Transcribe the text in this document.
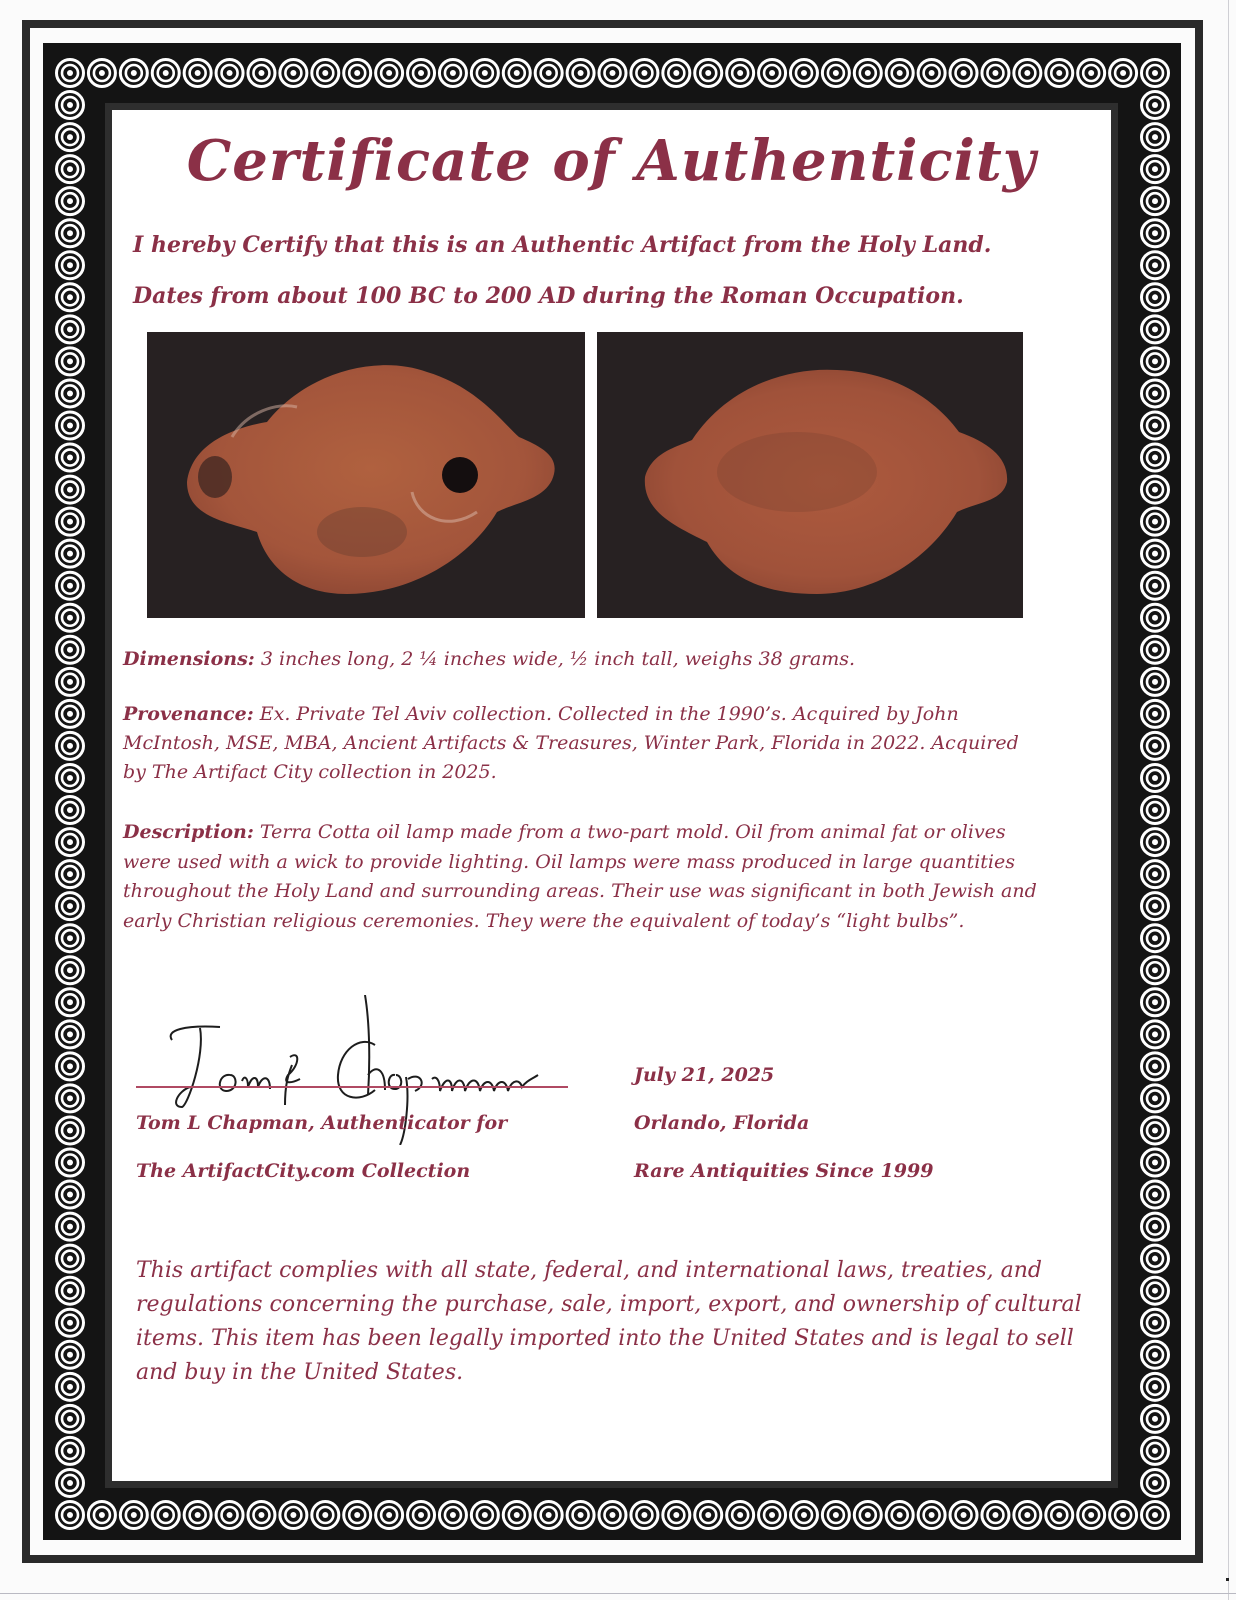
Certificate of Authenticity
I hereby Certify that this is an Authentic Artifact from the Holy Land.
Dates from about 100 BC to 200 AD during the Roman Occupation.
Dimensions: 3 inches long, 2 ¼ inches wide, ½ inch tall, weighs 38 grams.
Provenance: Ex. Private Tel Aviv collection. Collected in the 1990’s. Acquired by John McIntosh, MSE, MBA, Ancient Artifacts & Treasures, Winter Park, Florida in 2022. Acquired by The Artifact City collection in 2025.
Description: Terra Cotta oil lamp made from a two-part mold. Oil from animal fat or olives were used with a wick to provide lighting. Oil lamps were mass produced in large quantities throughout the Holy Land and surrounding areas. Their use was significant in both Jewish and early Christian religious ceremonies. They were the equivalent of today’s “light bulbs”.
Tom L Chapman, Authenticator for
The ArtifactCity.com Collection
July 21, 2025
Orlando, Florida
Rare Antiquities Since 1999
This artifact complies with all state, federal, and international laws, treaties, and regulations concerning the purchase, sale, import, export, and ownership of cultural items. This item has been legally imported into the United States and is legal to sell and buy in the United States.
